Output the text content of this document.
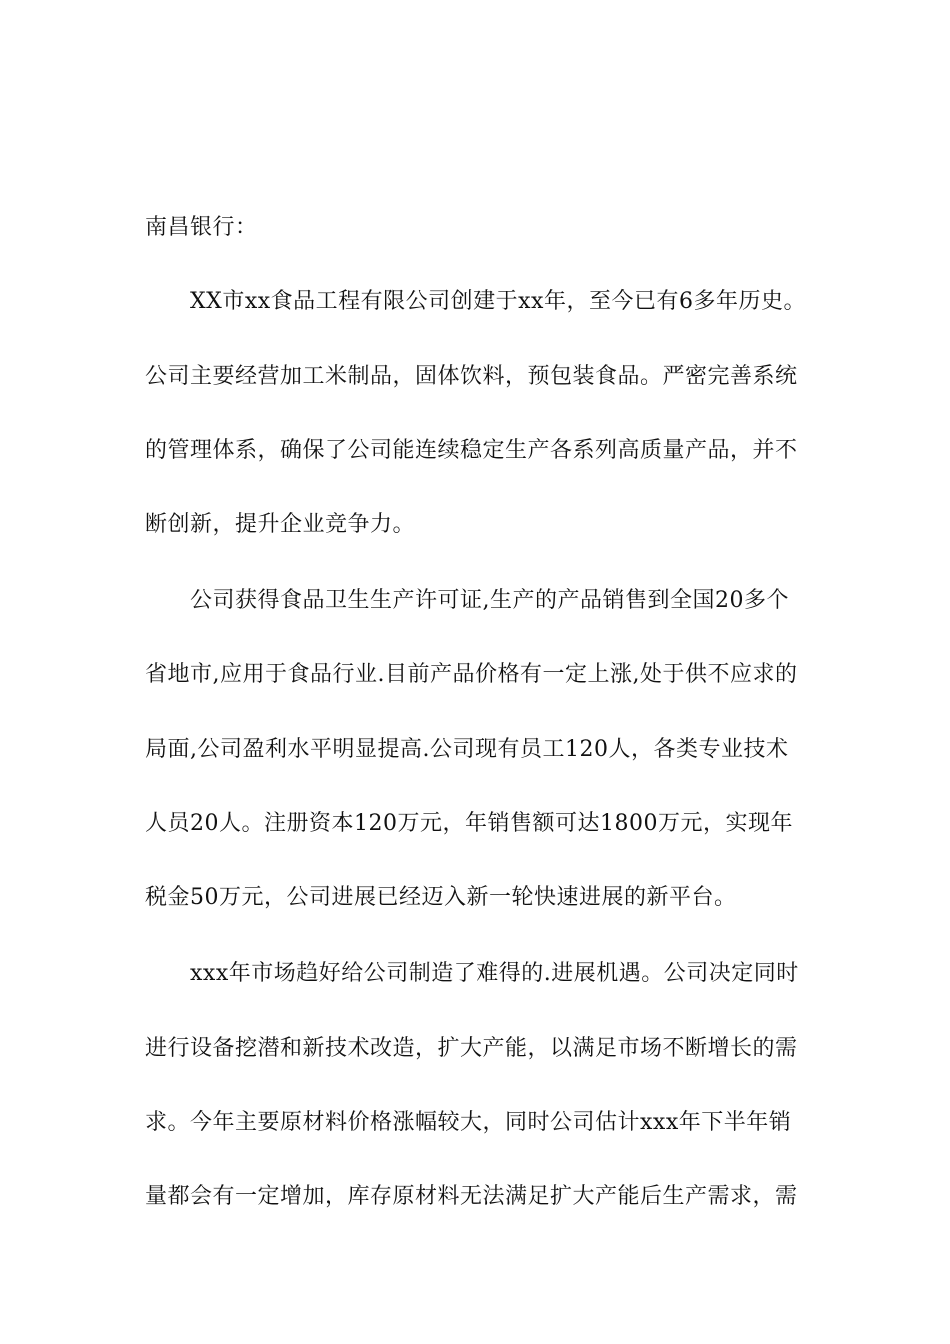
南昌银行：
XX市xx食品工程有限公司创建于xx年，至今已有6多年历史。
公司主要经营加工米制品，固体饮料，预包装食品。严密完善系统
的管理体系，确保了公司能连续稳定生产各系列高质量产品，并不
断创新，提升企业竞争力。
公司获得食品卫生生产许可证,生产的产品销售到全国20多个
省地市,应用于食品行业.目前产品价格有一定上涨,处于供不应求的
局面,公司盈利水平明显提高.公司现有员工120人，各类专业技术
人员20人。注册资本120万元，年销售额可达1800万元，实现年
税金50万元，公司进展已经迈入新一轮快速进展的新平台。
xxx年市场趋好给公司制造了难得的.进展机遇。公司决定同时
进行设备挖潜和新技术改造，扩大产能，以满足市场不断增长的需
求。今年主要原材料价格涨幅较大，同时公司估计xxx年下半年销
量都会有一定增加，库存原材料无法满足扩大产能后生产需求，需
